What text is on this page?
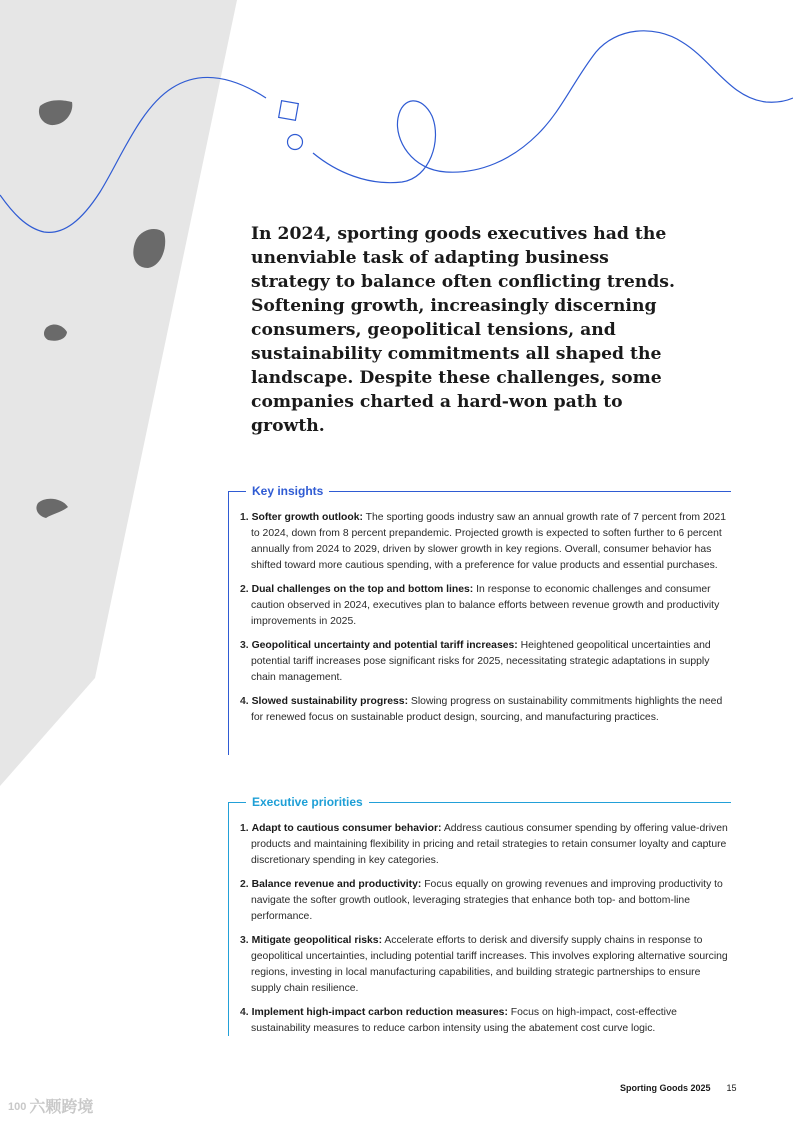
In 2024, sporting goods executives had the unenviable task of adapting business strategy to balance often conflicting trends. Softening growth, increasingly discerning consumers, geopolitical tensions, and sustainability commitments all shaped the landscape. Despite these challenges, some companies charted a hard-won path to growth.

Key insights
1. Softer growth outlook: The sporting goods industry saw an annual growth rate of 7 percent from 2021 to 2024, down from 8 percent prepandemic. Projected growth is expected to soften further to 6 percent annually from 2024 to 2029, driven by slower growth in key regions. Overall, consumer behavior has shifted toward more cautious spending, with a preference for value products and essential purchases.
2. Dual challenges on the top and bottom lines: In response to economic challenges and consumer caution observed in 2024, executives plan to balance efforts between revenue growth and productivity improvements in 2025.
3. Geopolitical uncertainty and potential tariff increases: Heightened geopolitical uncertainties and potential tariff increases pose significant risks for 2025, necessitating strategic adaptations in supply chain management.
4. Slowed sustainability progress: Slowing progress on sustainability commitments highlights the need for renewed focus on sustainable product design, sourcing, and manufacturing practices.
Executive priorities
1. Adapt to cautious consumer behavior: Address cautious consumer spending by offering value-driven products and maintaining flexibility in pricing and retail strategies to retain consumer loyalty and capture discretionary spending in key categories.
2. Balance revenue and productivity: Focus equally on growing revenues and improving productivity to navigate the softer growth outlook, leveraging strategies that enhance both top- and bottom-line performance.
3. Mitigate geopolitical risks: Accelerate efforts to derisk and diversify supply chains in response to geopolitical uncertainties, including potential tariff increases. This involves exploring alternative sourcing regions, investing in local manufacturing capabilities, and building strategic partnerships to ensure supply chain resilience.
4. Implement high-impact carbon reduction measures: Focus on high-impact, cost-effective sustainability measures to reduce carbon intensity using the abatement cost curve logic.
Sporting Goods 2025 15
100 六颗跨境
